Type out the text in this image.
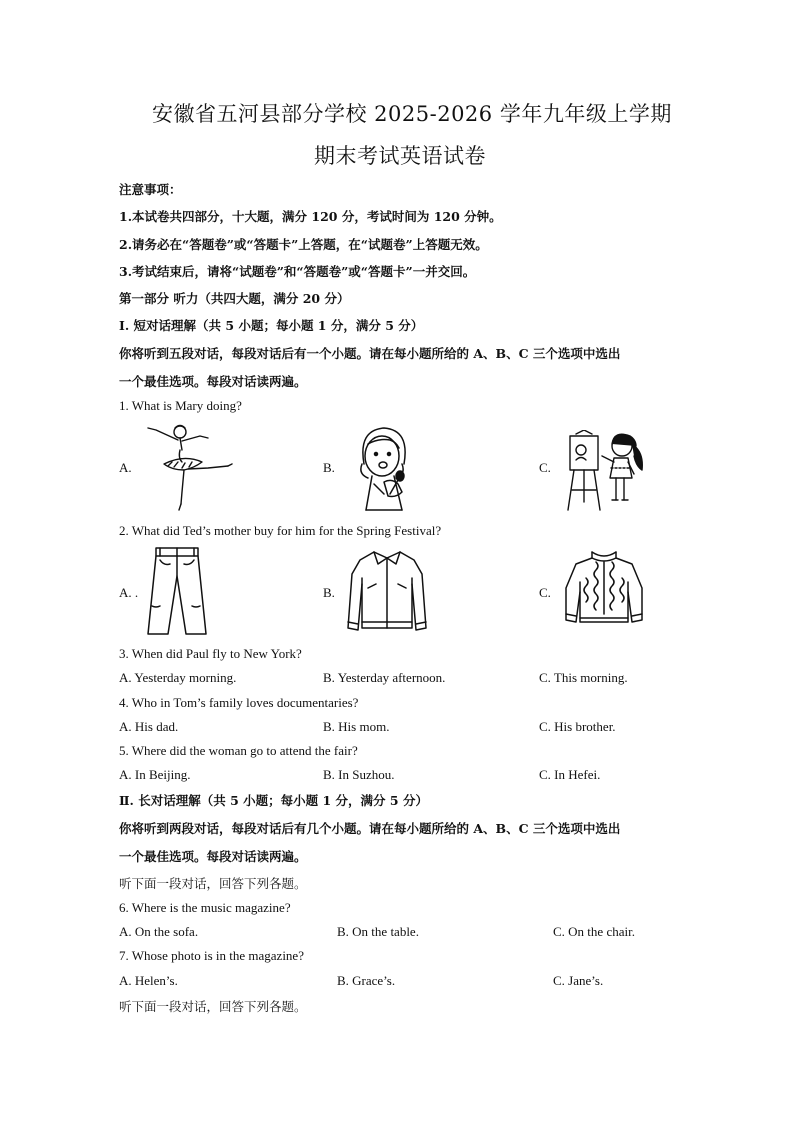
安徽省五河县部分学校 2025-2026 学年九年级上学期
期末考试英语试卷
注意事项：
1.本试卷共四部分，十大题，满分 120 分，考试时间为 120 分钟。
2.请务必在“答题卷”或“答题卡”上答题，在“试题卷”上答题无效。
3.考试结束后，请将“试题卷”和“答题卷”或“答题卡”一并交回。
第一部分 听力（共四大题，满分 20 分）
Ⅰ. 短对话理解（共 5 小题；每小题 1 分，满分 5 分）
你将听到五段对话，每段对话后有一个小题。请在每小题所给的 A、B、C 三个选项中选出
一个最佳选项。每段对话读两遍。
1. What is Mary doing?
A.	B.	C.
2. What did Ted’s mother buy for him for the Spring Festival?
A. .	B.	C.
3. When did Paul fly to New York?
A. Yesterday morning.	B. Yesterday afternoon.	C. This morning.
4. Who in Tom’s family loves documentaries?
A. His dad.	B. His mom.	C. His brother.
5. Where did the woman go to attend the fair?
A. In Beijing.	B. In Suzhou.	C. In Hefei.
Ⅱ. 长对话理解（共 5 小题；每小题 1 分，满分 5 分）
你将听到两段对话，每段对话后有几个小题。请在每小题所给的 A、B、C 三个选项中选出
一个最佳选项。每段对话读两遍。
听下面一段对话，回答下列各题。
6. Where is the music magazine?
A. On the sofa.	B. On the table.	C. On the chair.
7. Whose photo is in the magazine?
A. Helen’s.	B. Grace’s.	C. Jane’s.
听下面一段对话，回答下列各题。
